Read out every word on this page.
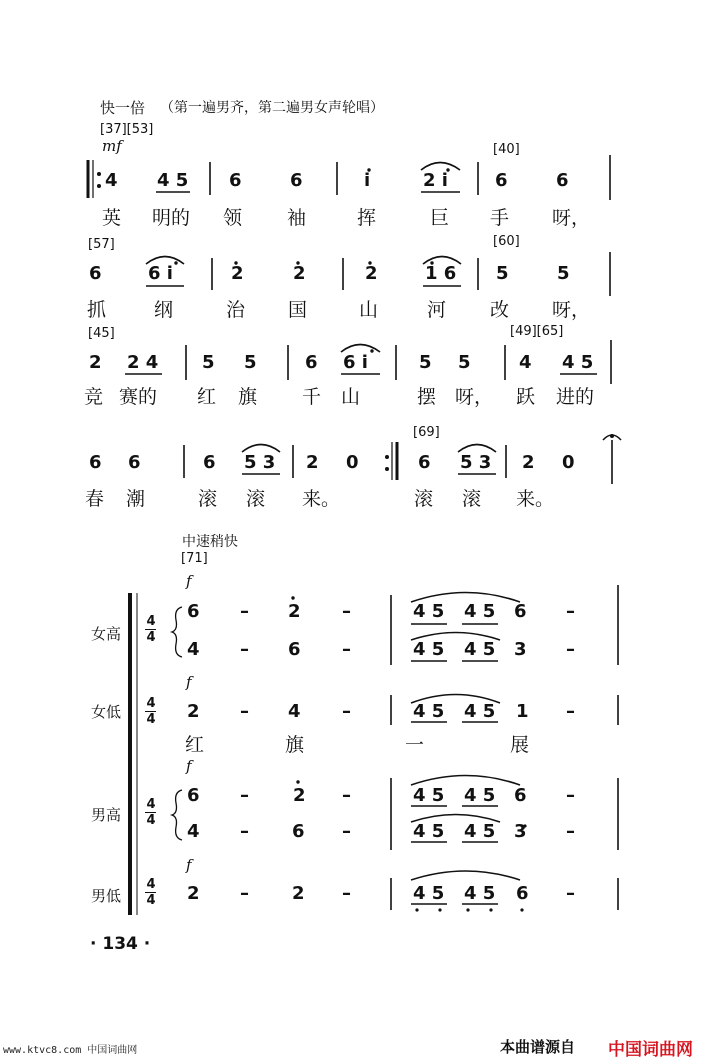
快一倍 （第一遍男齐，第二遍男女声轮唱）
[37][53]
mf	[40]
4 4 5 6	6	i	2 i	6	6
英 明的 领 袖	挥	巨 手 呀，
[57]	[60]
6	6 i	2	2	2	1 6 5	5
抓	纲	治 国	山	河 改 呀，
[45]	[49][65]
2 2 4 5 5	6 6 i	5 5	4 4 5
竞 赛的 红 旗 千 山	摆 呀， 跃 进的
[69]
6 6	6 5 3 2 0	6 5 3 2 0
春 潮	滚 滚 来。	滚 滚 来。
中速稍快
[71]
女高
女低
男高
男低
4
4
4
4
4
4
4
4
f
f
f
f
6 – 2 –	4 5 4 5 6 –
4 – 6 –	4 5 4 5 3 –
2 – 4 –	4 5 4 5 1 –
红	旗	一	展
6 – 2 –	4 5 4 5 6 –
4 – 6 –	4 5 4 5 3 –
2 – 2 –	4 5 4 5 6 –
· 134 ·
www.ktvc8.com 中国词曲网	本曲谱源自 中国词曲网
